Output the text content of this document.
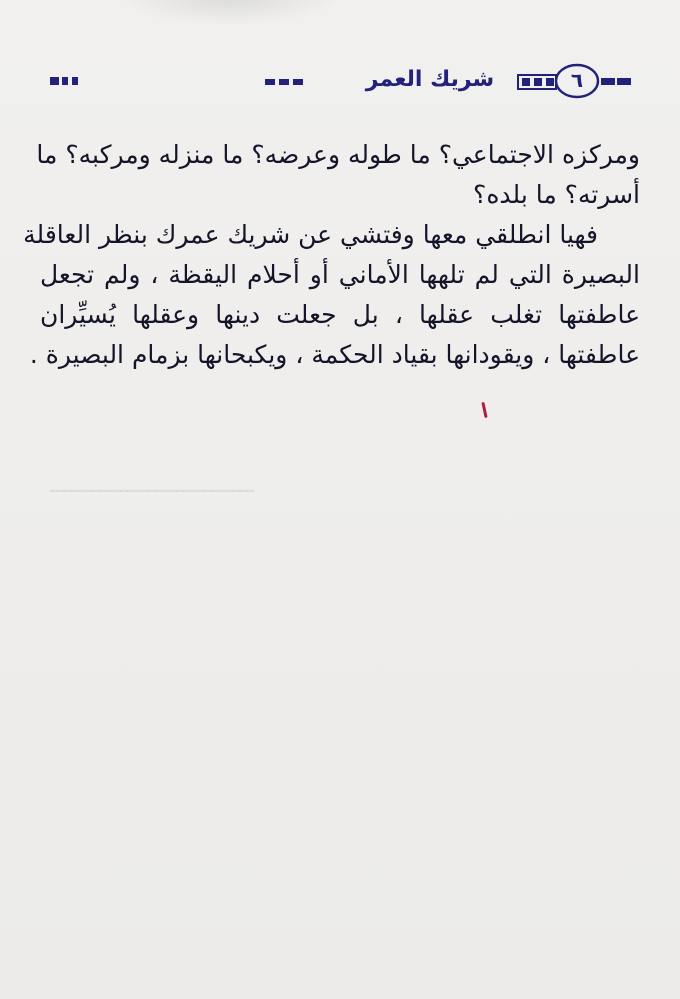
٦
شريك العمر
ـــــــــــــــــــــــــــــ
ومركزه الاجتماعي؟ ما طوله وعرضه؟ ما منزله ومركبه؟ ما
أسرته؟ ما بلده؟
فهيا انطلقي معها وفتشي عن شريك عمرك بنظر العاقلة
البصيرة التي لم تلهها الأماني أو أحلام اليقظة ، ولم تجعل
عاطفتها تغلب عقلها ، بل جعلت دينها وعقلها يُسيِّران
عاطفتها ، ويقودانها بقياد الحكمة ، ويكبحانها بزمام البصيرة .
